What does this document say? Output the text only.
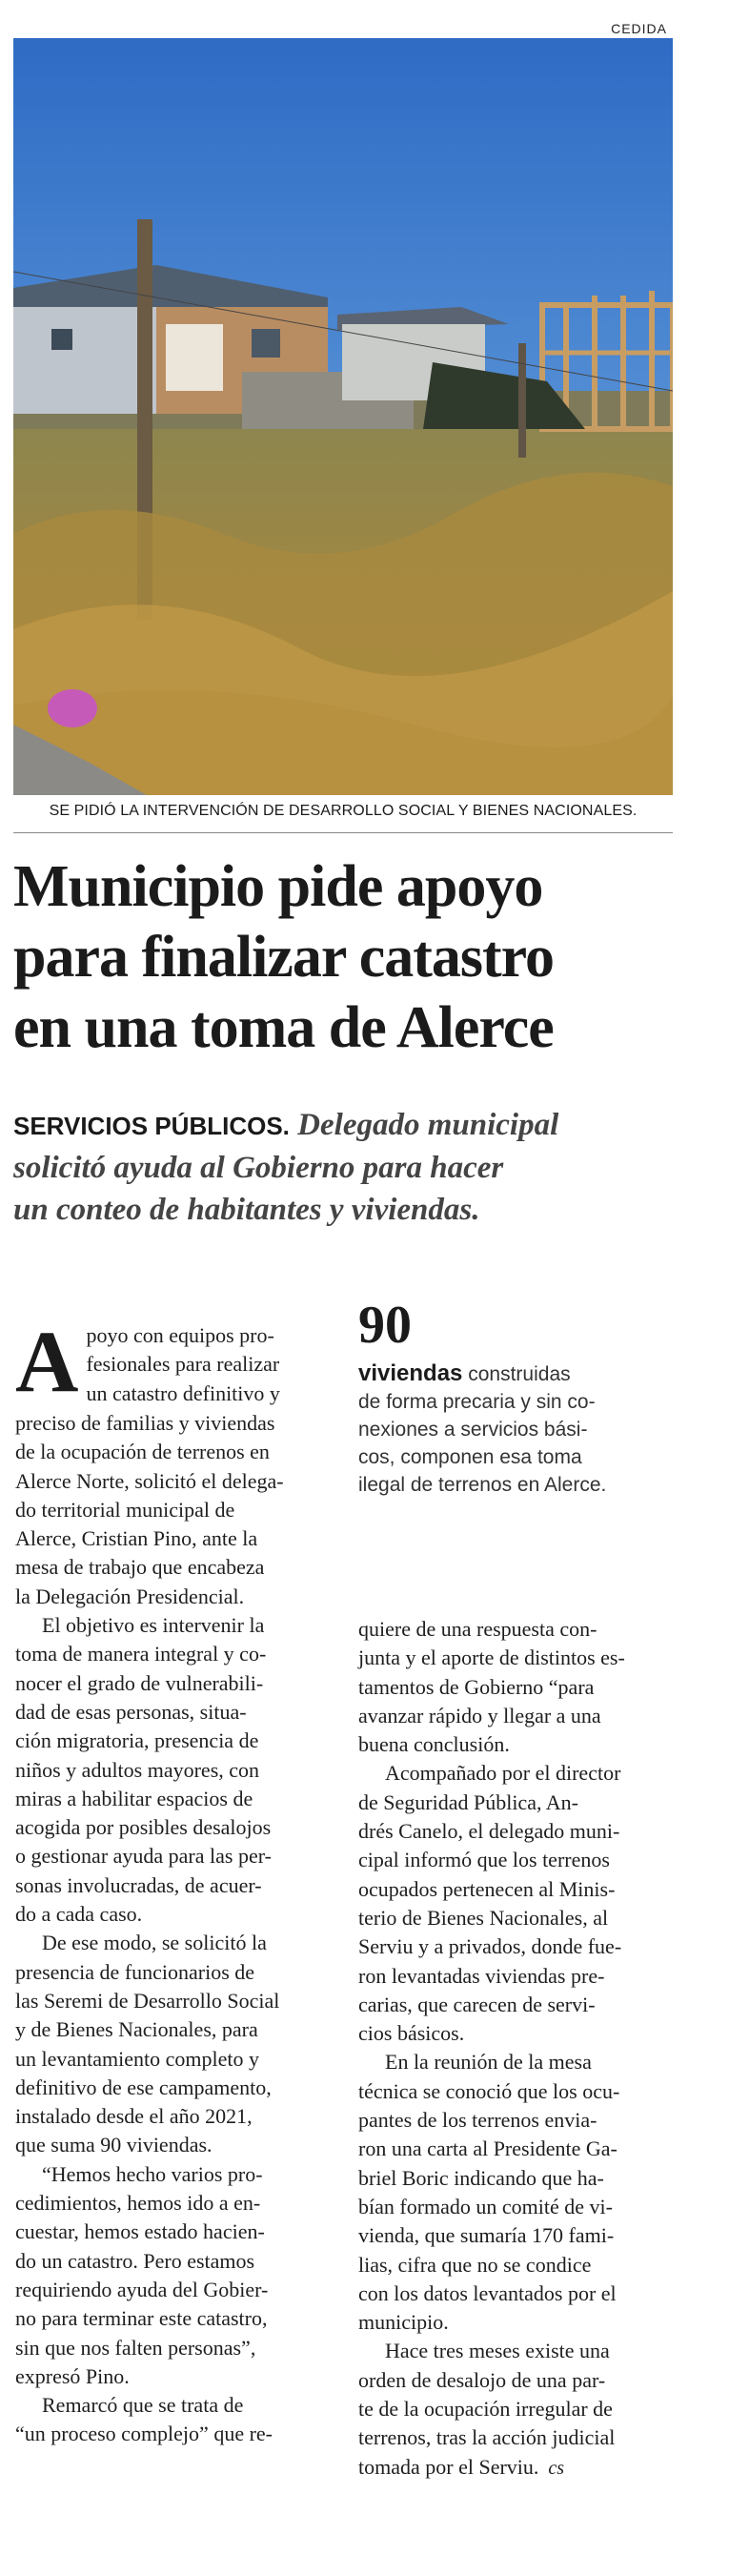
CEDIDA
SE PIDIÓ LA INTERVENCIÓN DE DESARROLLO SOCIAL Y BIENES NACIONALES.
Municipio pide apoyo
para finalizar catastro
en una toma de Alerce
SERVICIOS PÚBLICOS. Delegado municipal
solicitó ayuda al Gobierno para hacer
un conteo de habitantes y viviendas.
90
viviendas construidas
de forma precaria y sin co-
nexiones a servicios bási-
cos, componen esa toma
ilegal de terrenos en Alerce.
A poyo con equipos pro-
fesionales para realizar
un catastro definitivo y
preciso de familias y viviendas
de la ocupación de terrenos en
Alerce Norte, solicitó el delega-
do territorial municipal de
Alerce, Cristian Pino, ante la
mesa de trabajo que encabeza
la Delegación Presidencial.
El objetivo es intervenir la
toma de manera integral y co-
nocer el grado de vulnerabili-
dad de esas personas, situa-
ción migratoria, presencia de
niños y adultos mayores, con
miras a habilitar espacios de
acogida por posibles desalojos
o gestionar ayuda para las per-
sonas involucradas, de acuer-
do a cada caso.
De ese modo, se solicitó la
presencia de funcionarios de
las Seremi de Desarrollo Social
y de Bienes Nacionales, para
un levantamiento completo y
definitivo de ese campamento,
instalado desde el año 2021,
que suma 90 viviendas.
“Hemos hecho varios pro-
cedimientos, hemos ido a en-
cuestar, hemos estado hacien-
do un catastro. Pero estamos
requiriendo ayuda del Gobier-
no para terminar este catastro,
sin que nos falten personas”,
expresó Pino.
Remarcó que se trata de
“un proceso complejo” que re-
quiere de una respuesta con-
junta y el aporte de distintos es-
tamentos de Gobierno “para
avanzar rápido y llegar a una
buena conclusión.
Acompañado por el director
de Seguridad Pública, An-
drés Canelo, el delegado muni-
cipal informó que los terrenos
ocupados pertenecen al Minis-
terio de Bienes Nacionales, al
Serviu y a privados, donde fue-
ron levantadas viviendas pre-
carias, que carecen de servi-
cios básicos.
En la reunión de la mesa
técnica se conoció que los ocu-
pantes de los terrenos envia-
ron una carta al Presidente Ga-
briel Boric indicando que ha-
bían formado un comité de vi-
vienda, que sumaría 170 fami-
lias, cifra que no se condice
con los datos levantados por el
municipio.
Hace tres meses existe una
orden de desalojo de una par-
te de la ocupación irregular de
terrenos, tras la acción judicial
tomada por el Serviu. cs
